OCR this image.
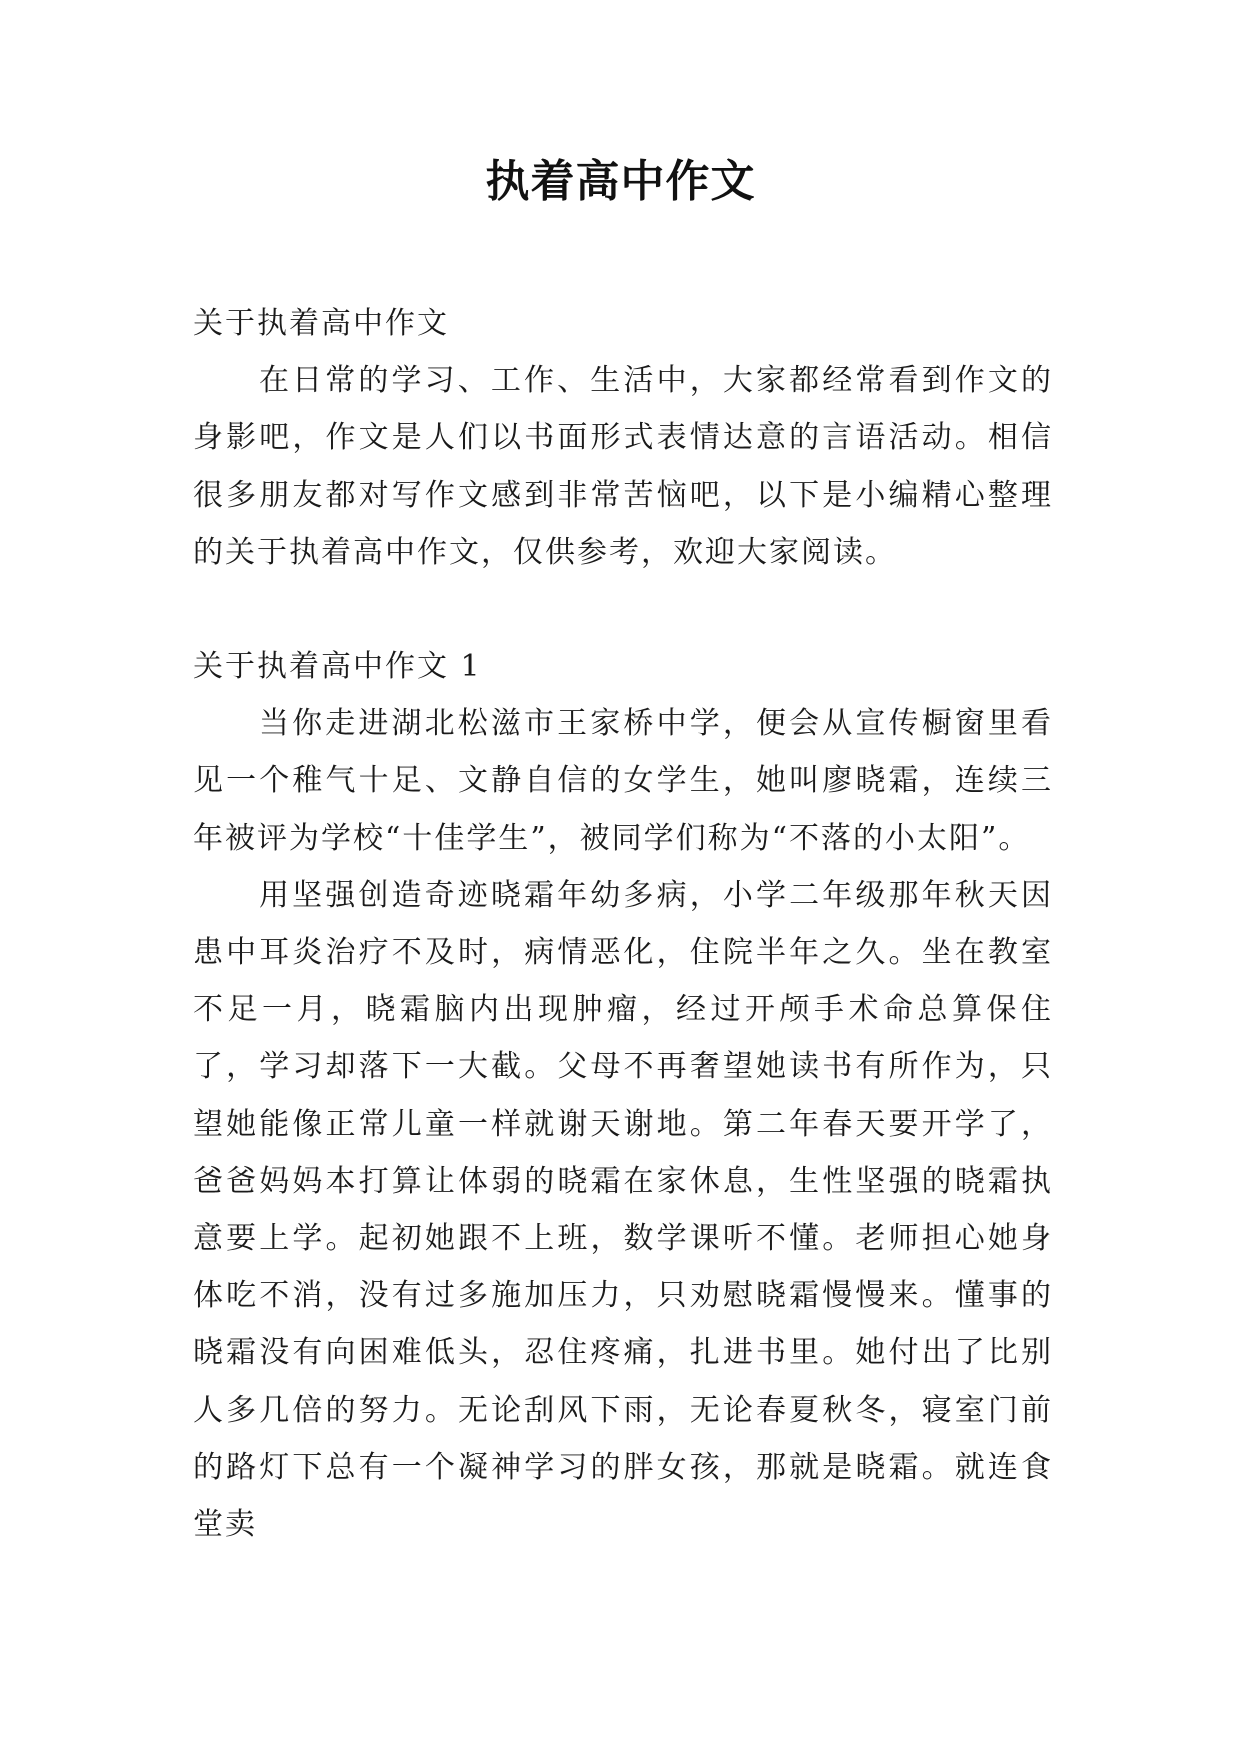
执着高中作文

关于执着高中作文

在日常的学习、工作、生活中，大家都经常看到作文的身影吧，作文是人们以书面形式表情达意的言语活动。相信很多朋友都对写作文感到非常苦恼吧，以下是小编精心整理的关于执着高中作文，仅供参考，欢迎大家阅读。

关于执着高中作文 1

当你走进湖北松滋市王家桥中学，便会从宣传橱窗里看见一个稚气十足、文静自信的女学生，她叫廖晓霜，连续三年被评为学校“十佳学生”，被同学们称为“不落的小太阳”。

用坚强创造奇迹晓霜年幼多病，小学二年级那年秋天因患中耳炎治疗不及时，病情恶化，住院半年之久。坐在教室不足一月，晓霜脑内出现肿瘤，经过开颅手术命总算保住了，学习却落下一大截。父母不再奢望她读书有所作为，只望她能像正常儿童一样就谢天谢地。第二年春天要开学了，爸爸妈妈本打算让体弱的晓霜在家休息，生性坚强的晓霜执意要上学。起初她跟不上班，数学课听不懂。老师担心她身体吃不消，没有过多施加压力，只劝慰晓霜慢慢来。懂事的晓霜没有向困难低头，忍住疼痛，扎进书里。她付出了比别人多几倍的努力。无论刮风下雨，无论春夏秋冬，寝室门前的路灯下总有一个凝神学习的胖女孩，那就是晓霜。就连食堂卖
